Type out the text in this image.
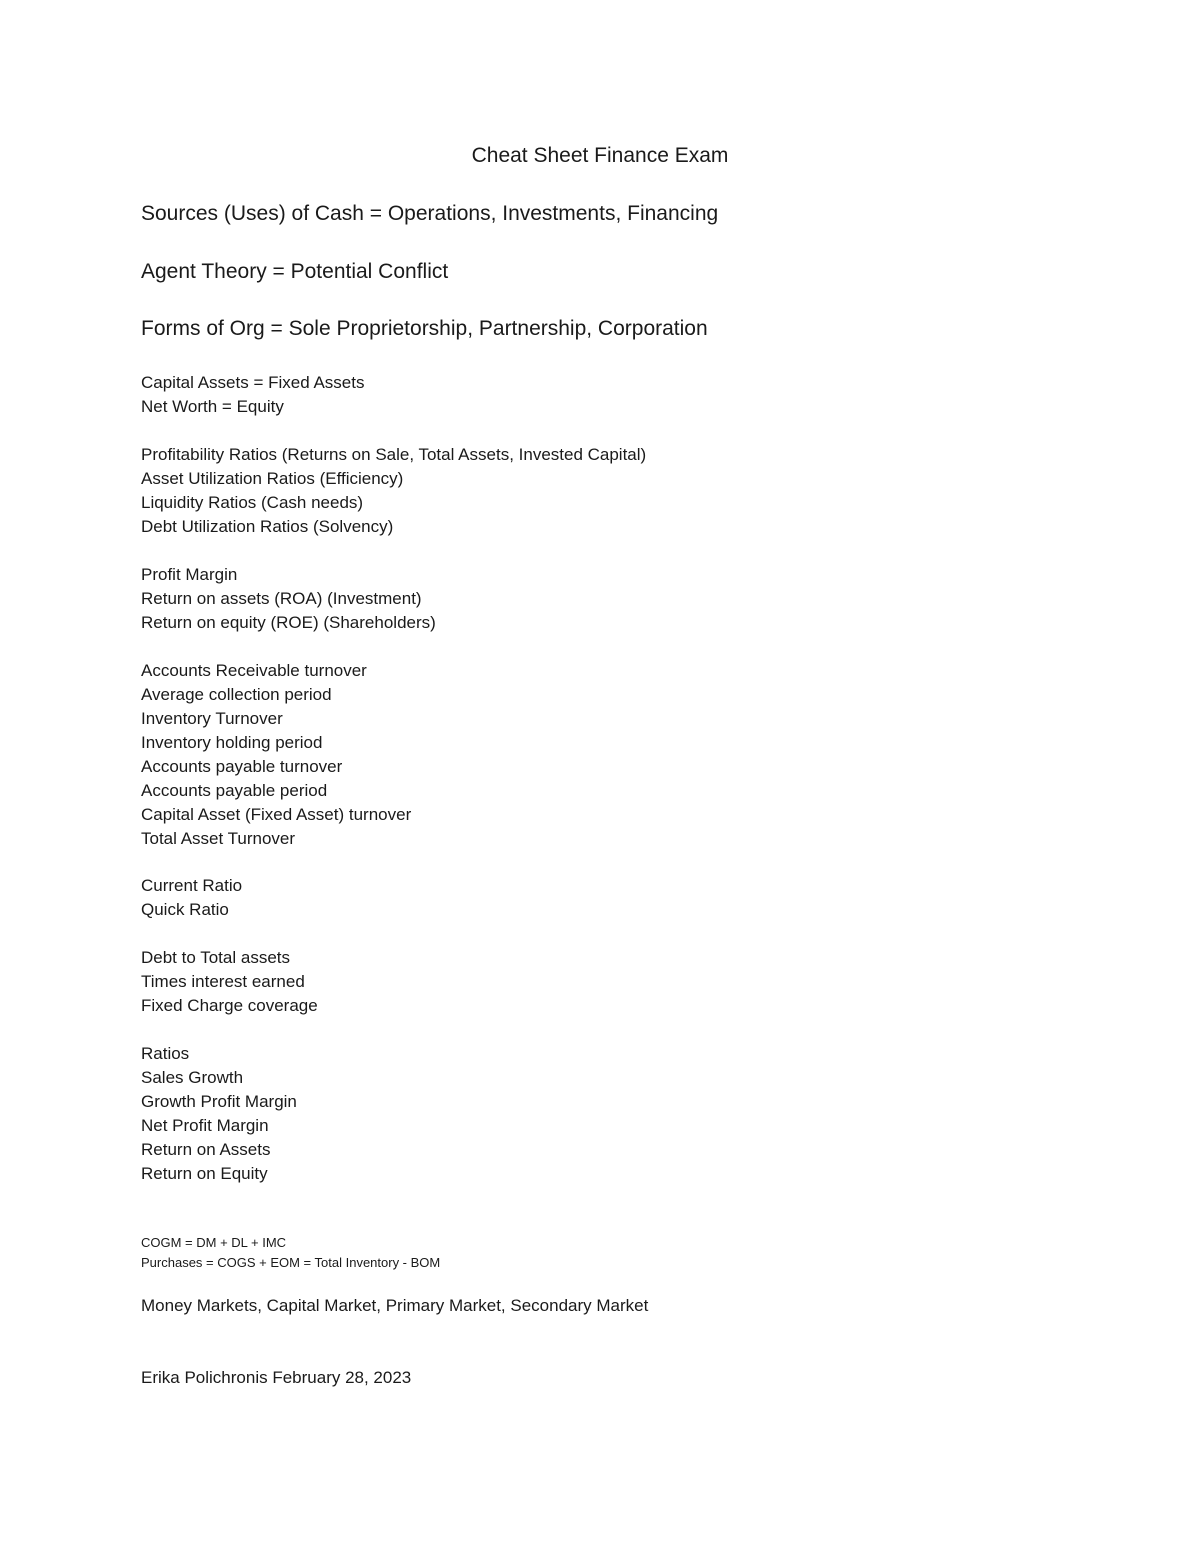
Cheat Sheet Finance Exam
Sources (Uses) of Cash = Operations, Investments, Financing
Agent Theory = Potential Conflict
Forms of Org = Sole Proprietorship, Partnership, Corporation
Capital Assets = Fixed Assets
Net Worth = Equity
Profitability Ratios (Returns on Sale, Total Assets, Invested Capital)
Asset Utilization Ratios (Efficiency)
Liquidity Ratios (Cash needs)
Debt Utilization Ratios (Solvency)
Profit Margin
Return on assets (ROA) (Investment)
Return on equity (ROE) (Shareholders)
Accounts Receivable turnover
Average collection period
Inventory Turnover
Inventory holding period
Accounts payable turnover
Accounts payable period
Capital Asset (Fixed Asset) turnover
Total Asset Turnover
Current Ratio
Quick Ratio
Debt to Total assets
Times interest earned
Fixed Charge coverage
Ratios
Sales Growth
Growth Profit Margin
Net Profit Margin
Return on Assets
Return on Equity
COGM = DM + DL + IMC
Purchases = COGS + EOM = Total Inventory - BOM
Money Markets, Capital Market, Primary Market, Secondary Market
Erika Polichronis February 28, 2023
